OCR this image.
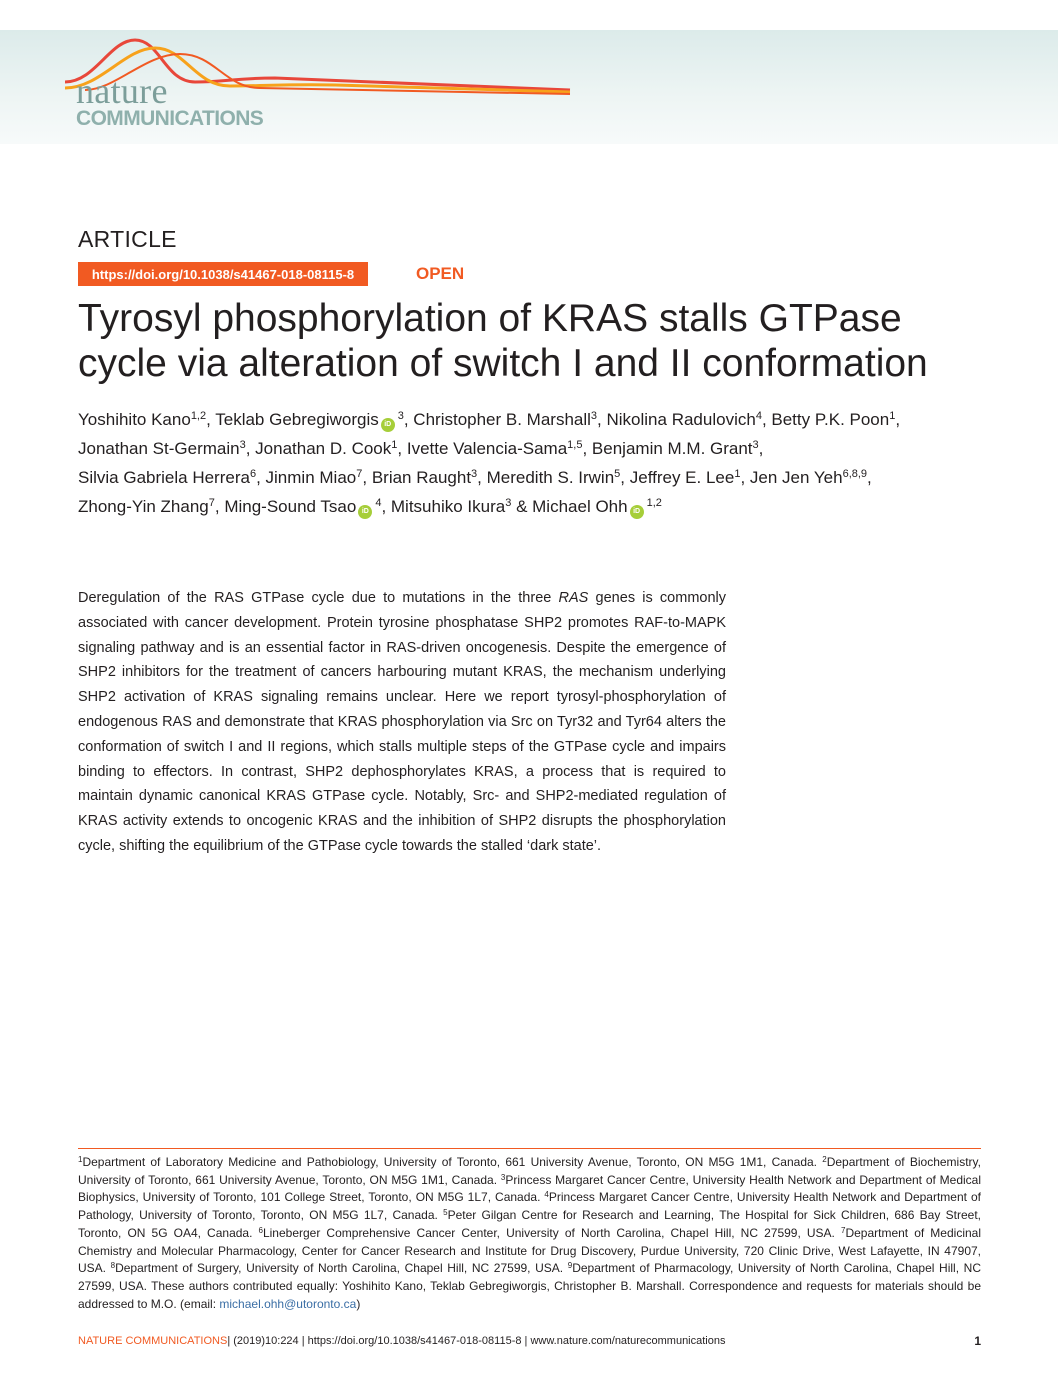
nature
COMMUNICATIONS
ARTICLE
https://doi.org/10.1038/s41467-018-08115-8	OPEN
Tyrosyl phosphorylation of KRAS stalls GTPase
cycle via alteration of switch I and II conformation
Yoshihito Kano$^{1,2}$, Teklab Gebregiworgis $iD^3$, Christopher B. Marshall$^3$, Nikolina Radulovich$^4$, Betty P.K. Poon$^1$,
Jonathan St-Germain$^3$, Jonathan D. Cook$^1$, Ivette Valencia-Sama$^{1,5}$, Benjamin M.M. Grant$^3$,
Silvia Gabriela Herrera$^6$, Jinmin Miao$^7$, Brian Raught$^3$, Meredith S. Irwin$^5$, Jeffrey E. Lee$^1$, Jen Jen Yeh$^{6,8,9}$,
Zhong-Yin Zhang$^7$, Ming-Sound Tsao $iD^4$, Mitsuhiko Ikura$^3$ & Michael Ohh iD$^{1,2}$

Deregulation of the RAS GTPase cycle due to mutations in the three RAS genes is commonly associated with cancer development. Protein tyrosine phosphatase SHP2 promotes RAF-to-MAPK signaling pathway and is an essential factor in RAS-driven oncogenesis. Despite the emergence of SHP2 inhibitors for the treatment of cancers harbouring mutant KRAS, the mechanism underlying SHP2 activation of KRAS signaling remains unclear. Here we report tyrosyl-phosphorylation of endogenous RAS and demonstrate that KRAS phosphorylation via Src on Tyr32 and Tyr64 alters the conformation of switch I and II regions, which stalls multiple steps of the GTPase cycle and impairs binding to effectors. In contrast, SHP2 dephosphorylates KRAS, a process that is required to maintain dynamic canonical KRAS GTPase cycle. Notably, Src- and SHP2-mediated regulation of KRAS activity extends to oncogenic KRAS and the inhibition of SHP2 disrupts the phosphorylation cycle, shifting the equilibrium of the GTPase cycle towards the stalled ‘dark state’.

$^1$Department of Laboratory Medicine and Pathobiology, University of Toronto, 661 University Avenue, Toronto, ON M5G 1M1, Canada. $^2$Department of Biochemistry, University of Toronto, 661 University Avenue, Toronto, ON M5G 1M1, Canada. $^3$Princess Margaret Cancer Centre, University Health Network and Department of Medical Biophysics, University of Toronto, 101 College Street, Toronto, ON M5G 1L7, Canada. $^4$Princess Margaret Cancer Centre, University Health Network and Department of Pathology, University of Toronto, Toronto, ON M5G 1L7, Canada. $^5$Peter Gilgan Centre for Research and Learning, The Hospital for Sick Children, 686 Bay Street, Toronto, ON 5G OA4, Canada. $^6$Lineberger Comprehensive Cancer Center, University of North Carolina, Chapel Hill, NC 27599, USA. $^7$Department of Medicinal Chemistry and Molecular Pharmacology, Center for Cancer Research and Institute for Drug Discovery, Purdue University, 720 Clinic Drive, West Lafayette, IN 47907, USA. $^8$Department of Surgery, University of North Carolina, Chapel Hill, NC 27599, USA. $^9$Department of Pharmacology, University of North Carolina, Chapel Hill, NC 27599, USA. These authors contributed equally: Yoshihito Kano, Teklab Gebregiworgis, Christopher B. Marshall. Correspondence and requests for materials should be addressed to M.O. (email: michael.ohh@utoronto.ca)

NATURE COMMUNICATIONS| (2019)10:224 | https://doi.org/10.1038/s41467-018-08115-8 | www.nature.com/naturecommunications	1
